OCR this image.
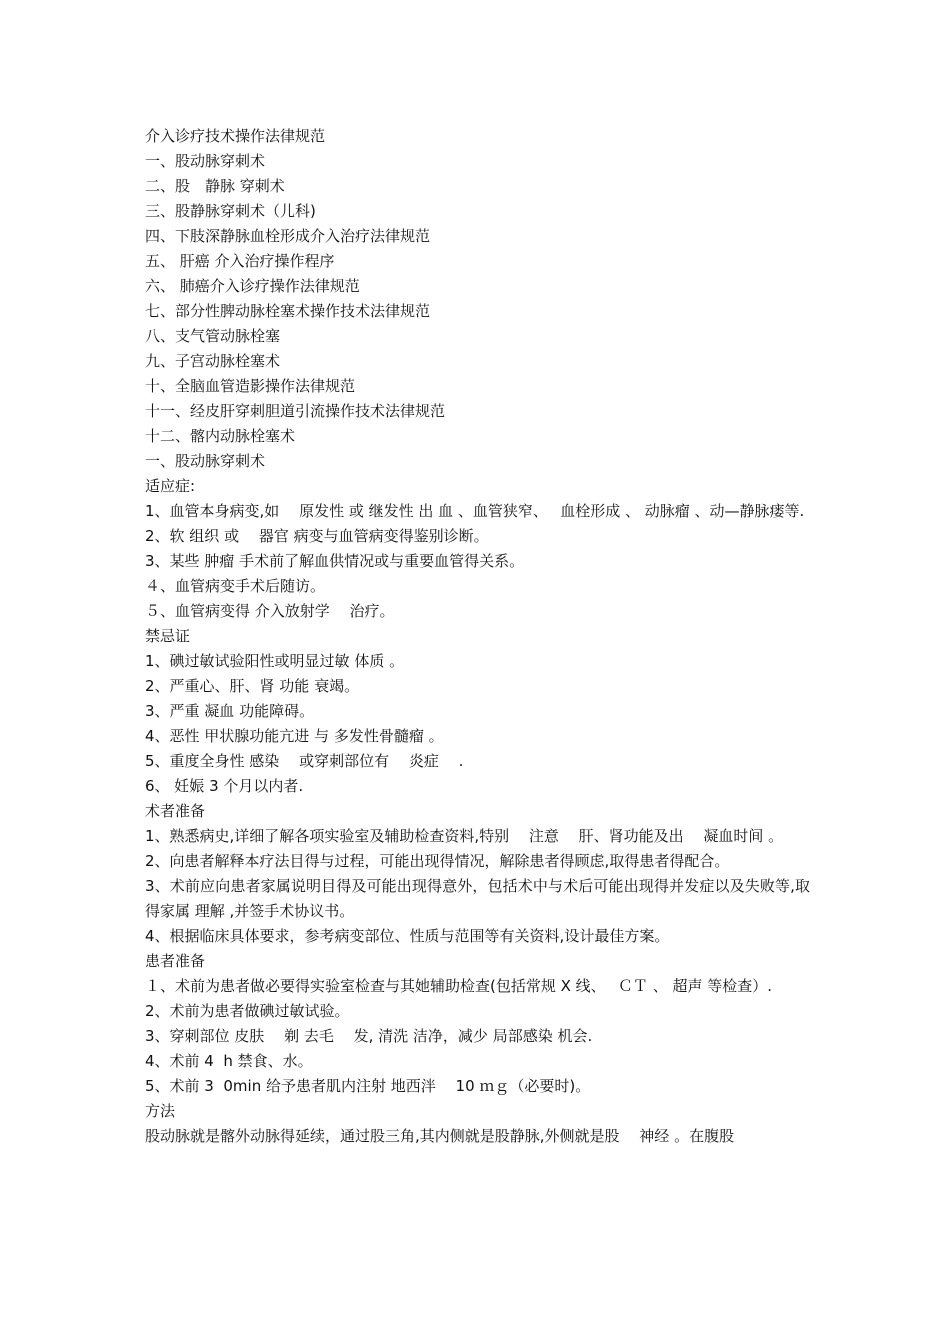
介入诊疗技术操作法律规范

一、股动脉穿刺术

二、股　静脉 穿刺术

三、股静脉穿刺术（儿科)

四、下肢深静脉血栓形成介入治疗法律规范

五、 肝癌 介入治疗操作程序

六、 肺癌介入诊疗操作法律规范

七、部分性脾动脉栓塞术操作技术法律规范

八、支气管动脉栓塞

九、子宫动脉栓塞术

十、全脑血管造影操作法律规范

十一、经皮肝穿刺胆道引流操作技术法律规范

十二、髂内动脉栓塞术

一、股动脉穿刺术

适应症:

1、血管本身病变,如　 原发性 或 继发性 出 血 、血管狭窄、　 血栓形成 、 动脉瘤 、动—静脉瘘等.

2、软 组织 或　 器官 病变与血管病变得鉴别诊断。

3、某些 肿瘤 手术前了解血供情况或与重要血管得关系。

４、血管病变手术后随访。

５、血管病变得 介入放射学　 治疗。

禁忌证

1、碘过敏试验阳性或明显过敏 体质 。

2、严重心、肝、肾 功能 衰竭。

3、严重 凝血 功能障碍。

4、恶性 甲状腺功能亢进 与 多发性骨髓瘤 。

5、重度全身性 感染　 或穿刺部位有　 炎症　 .

6、 妊娠 3 个月以内者.

术者准备

1、熟悉病史,详细了解各项实验室及辅助检查资料,特别　 注意　 肝、肾功能及出　 凝血时间 。

2、向患者解释本疗法目得与过程，可能出现得情况，解除患者得顾虑,取得患者得配合。

3、术前应向患者家属说明目得及可能出现得意外，包括术中与术后可能出现得并发症以及失败等,取得家属 理解 ,并签手术协议书。

4、根据临床具体要求，参考病变部位、性质与范围等有关资料,设计最佳方案。

患者准备

１、术前为患者做必要得实验室检查与其她辅助检查(包括常规 X 线、　 ＣＴ 、 超声 等检查）.

2、术前为患者做碘过敏试验。

3、穿刺部位 皮肤　 剃 去毛　 发, 清洗 洁净，减少 局部感染 机会.

4、术前 4  h 禁食、水。

5、术前 3  0min 给予患者肌内注射 地西泮　 10 ｍｇ（必要时)。

方法

股动脉就是髂外动脉得延续，通过股三角,其内侧就是股静脉,外侧就是股　 神经 。在腹股
